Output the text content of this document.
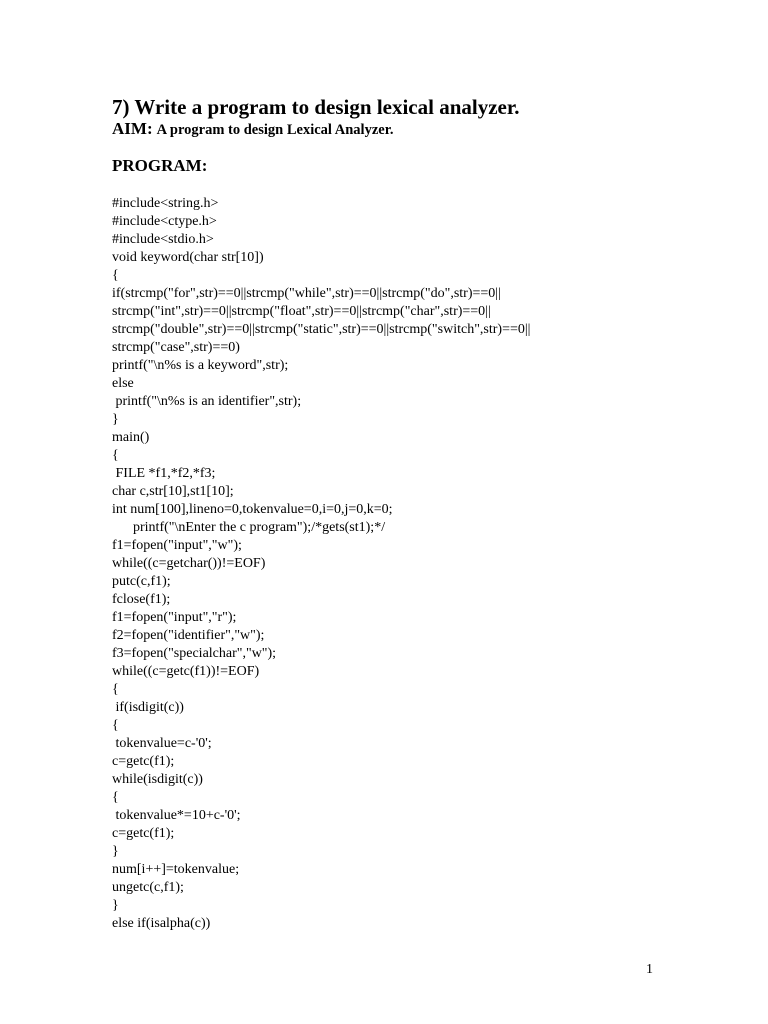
7) Write a program to design lexical analyzer.

AIM: A program to design Lexical Analyzer.

PROGRAM:
#include<string.h>
#include<ctype.h>
#include<stdio.h>
void keyword(char str[10])
{
if(strcmp("for",str)==0||strcmp("while",str)==0||strcmp("do",str)==0||
strcmp("int",str)==0||strcmp("float",str)==0||strcmp("char",str)==0||
strcmp("double",str)==0||strcmp("static",str)==0||strcmp("switch",str)==0||
strcmp("case",str)==0)
printf("\n%s is a keyword",str);
else
printf("\n%s is an identifier",str);
}
main()
{
FILE *f1,*f2,*f3;
char c,str[10],st1[10];
int num[100],lineno=0,tokenvalue=0,i=0,j=0,k=0;
printf("\nEnter the c program");/*gets(st1);*/
f1=fopen("input","w");
while((c=getchar())!=EOF)
putc(c,f1);
fclose(f1);
f1=fopen("input","r");
f2=fopen("identifier","w");
f3=fopen("specialchar","w");
while((c=getc(f1))!=EOF)
{
if(isdigit(c))
{
tokenvalue=c-'0';
c=getc(f1);
while(isdigit(c))
{
tokenvalue*=10+c-'0';
c=getc(f1);
}
num[i++]=tokenvalue;
ungetc(c,f1);
}
else if(isalpha(c))
1
